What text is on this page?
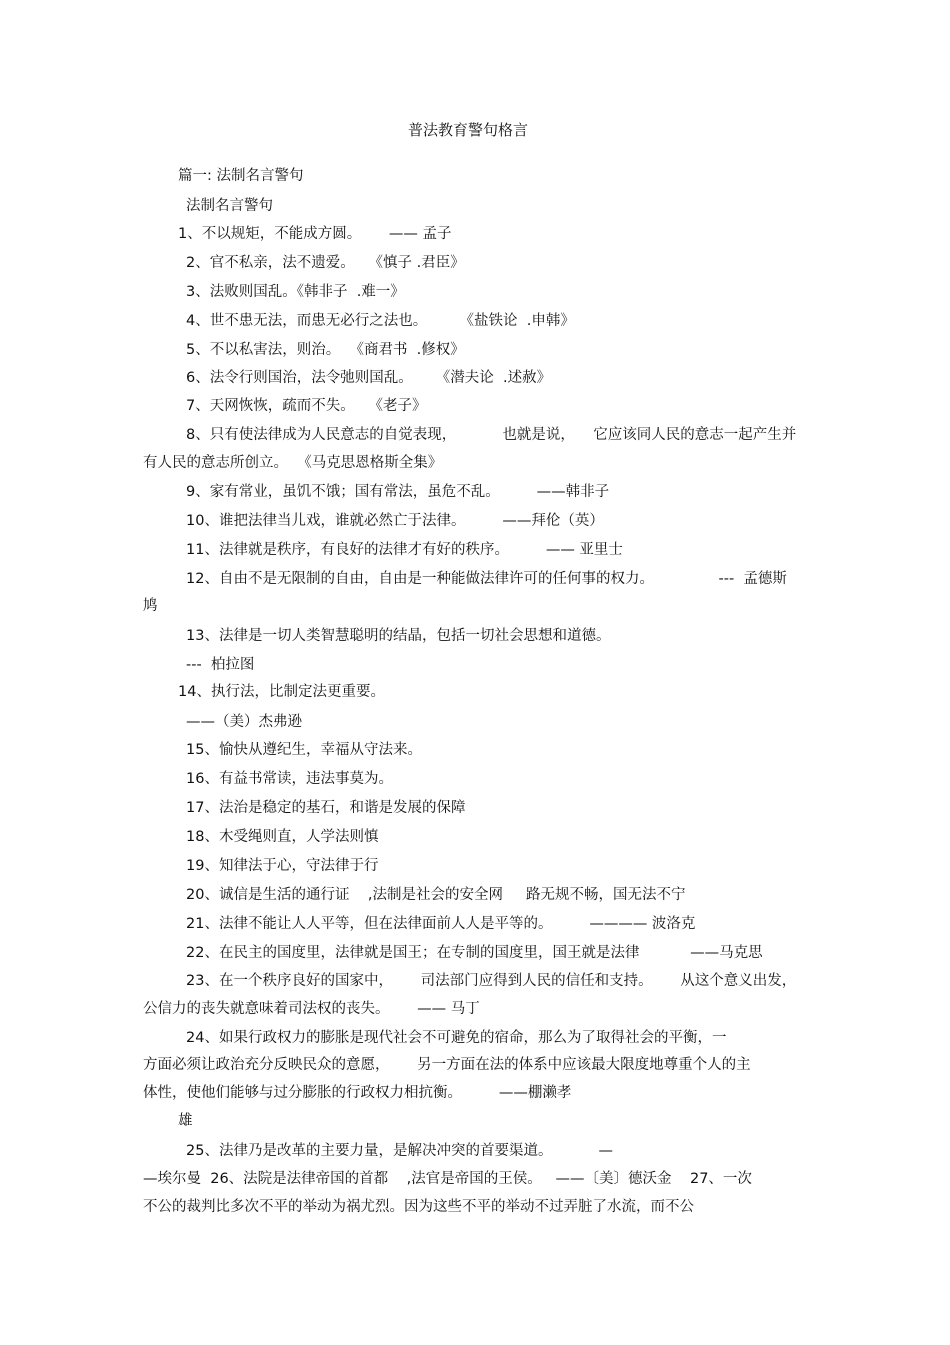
普法教育警句格言
篇一: 法制名言警句
法制名言警句
1、不以规矩，不能成方圆。      —— 孟子
2、官不私亲，法不遗爱。   《慎子 .君臣》
3、法败则国乱。《韩非子  .难一》
4、世不患无法，而患无必行之法也。       《盐铁论  .申韩》
5、不以私害法，则治。  《商君书  .修权》
6、法令行则国治，法令弛则国乱。     《潜夫论  .述赦》
7、天网恢恢，疏而不失。   《老子》
8、只有使法律成为人民意志的自觉表现，          也就是说，    它应该同人民的意志一起产生并
有人民的意志所创立。  《马克思恩格斯全集》
9、家有常业，虽饥不饿；国有常法，虽危不乱。        ——韩非子
10、谁把法律当儿戏，谁就必然亡于法律。        ——拜伦（英）
11、法律就是秩序，有良好的法律才有好的秩序。        —— 亚里士
12、自由不是无限制的自由，自由是一种能做法律许可的任何事的权力。              ---  孟德斯
鸠
13、法律是一切人类智慧聪明的结晶，包括一切社会思想和道德。
---  柏拉图
14、执行法，比制定法更重要。
——（美）杰弗逊
15、愉快从遵纪生，幸福从守法来。
16、有益书常读，违法事莫为。
17、法治是稳定的基石，和谐是发展的保障
18、木受绳则直，人学法则慎
19、知律法于心，守法律于行
20、诚信是生活的通行证    ,法制是社会的安全网     路无规不畅，国无法不宁
21、法律不能让人人平等，但在法律面前人人是平等的。        ———— 波洛克
22、在民主的国度里，法律就是国王；在专制的国度里，国王就是法律           ——马克思
23、在一个秩序良好的国家中，      司法部门应得到人民的信任和支持。      从这个意义出发，
公信力的丧失就意味着司法权的丧失。      —— 马丁
24、如果行政权力的膨胀是现代社会不可避免的宿命，那么为了取得社会的平衡，一
方面必须让政治充分反映民众的意愿，      另一方面在法的体系中应该最大限度地尊重个人的主
体性，使他们能够与过分膨胀的行政权力相抗衡。        ——棚濑孝
雄
25、法律乃是改革的主要力量，是解决冲突的首要渠道。          —
—埃尔曼  26、法院是法律帝国的首都    ,法官是帝国的王侯。   ——〔美〕德沃金    27、一次
不公的裁判比多次不平的举动为祸尤烈。因为这些不平的举动不过弄脏了水流，而不公
